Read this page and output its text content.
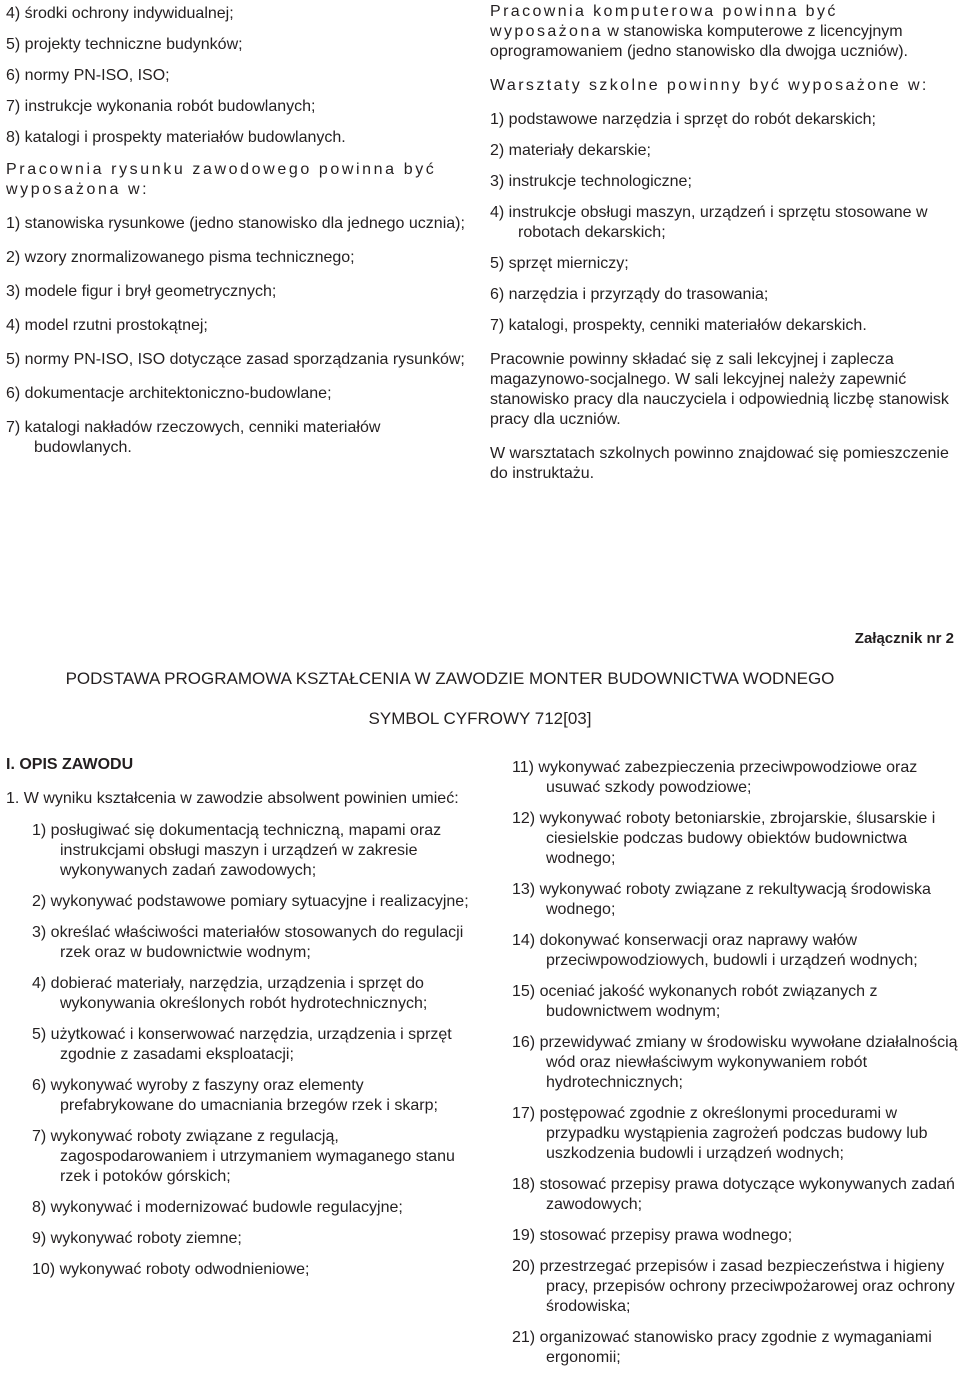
4) środki ochrony indywidualnej;

5) projekty techniczne budynków;

6) normy PN-ISO, ISO;

7) instrukcje wykonania robót budowlanych;

8) katalogi i prospekty materiałów budowlanych.

Pracownia rysunku zawodowego powinna być wyposażona w:

1) stanowiska rysunkowe (jedno stanowisko dla jednego ucznia);

2) wzory znormalizowanego pisma technicznego;

3) modele figur i brył geometrycznych;

4) model rzutni prostokątnej;

5) normy PN-ISO, ISO dotyczące zasad sporządzania rysunków;

6) dokumentacje architektoniczno-budowlane;

7) katalogi nakładów rzeczowych, cenniki materiałów budowlanych.

Pracownia komputerowa powinna być wyposażona w stanowiska komputerowe z licencyjnym oprogramowaniem (jedno stanowisko dla dwojga uczniów).

Warsztaty szkolne powinny być wyposażone w:

1) podstawowe narzędzia i sprzęt do robót dekarskich;

2) materiały dekarskie;

3) instrukcje technologiczne;

4) instrukcje obsługi maszyn, urządzeń i sprzętu stosowane w robotach dekarskich;

5) sprzęt mierniczy;

6) narzędzia i przyrządy do trasowania;

7) katalogi, prospekty, cenniki materiałów dekarskich.

Pracownie powinny składać się z sali lekcyjnej i zaplecza magazynowo-socjalnego. W sali lekcyjnej należy zapewnić stanowisko pracy dla nauczyciela i odpowiednią liczbę stanowisk pracy dla uczniów.

W warsztatach szkolnych powinno znajdować się pomieszczenie do instruktażu.

Załącznik nr 2
PODSTAWA PROGRAMOWA KSZTAŁCENIA W ZAWODZIE MONTER BUDOWNICTWA WODNEGO
SYMBOL CYFROWY 712[03]

I. OPIS ZAWODU

1. W wyniku kształcenia w zawodzie absolwent powinien umieć:

1) posługiwać się dokumentacją techniczną, mapami oraz instrukcjami obsługi maszyn i urządzeń w zakresie wykonywanych zadań zawodowych;

2) wykonywać podstawowe pomiary sytuacyjne i realizacyjne;

3) określać właściwości materiałów stosowanych do regulacji rzek oraz w budownictwie wodnym;

4) dobierać materiały, narzędzia, urządzenia i sprzęt do wykonywania określonych robót hydrotechnicznych;

5) użytkować i konserwować narzędzia, urządzenia i sprzęt zgodnie z zasadami eksploatacji;

6) wykonywać wyroby z faszyny oraz elementy prefabrykowane do umacniania brzegów rzek i skarp;

7) wykonywać roboty związane z regulacją, zagospodarowaniem i utrzymaniem wymaganego stanu rzek i potoków górskich;

8) wykonywać i modernizować budowle regulacyjne;

9) wykonywać roboty ziemne;

10) wykonywać roboty odwodnieniowe;

11) wykonywać zabezpieczenia przeciwpowodziowe oraz usuwać szkody powodziowe;

12) wykonywać roboty betoniarskie, zbrojarskie, ślusarskie i ciesielskie podczas budowy obiektów budownictwa wodnego;

13) wykonywać roboty związane z rekultywacją środowiska wodnego;

14) dokonywać konserwacji oraz naprawy wałów przeciwpowodziowych, budowli i urządzeń wodnych;

15) oceniać jakość wykonanych robót związanych z budownictwem wodnym;

16) przewidywać zmiany w środowisku wywołane działalnością wód oraz niewłaściwym wykonywaniem robót hydrotechnicznych;

17) postępować zgodnie z określonymi procedurami w przypadku wystąpienia zagrożeń podczas budowy lub uszkodzenia budowli i urządzeń wodnych;

18) stosować przepisy prawa dotyczące wykonywanych zadań zawodowych;

19) stosować przepisy prawa wodnego;

20) przestrzegać przepisów i zasad bezpieczeństwa i higieny pracy, przepisów ochrony przeciwpożarowej oraz ochrony środowiska;

21) organizować stanowisko pracy zgodnie z wymaganiami ergonomii;
